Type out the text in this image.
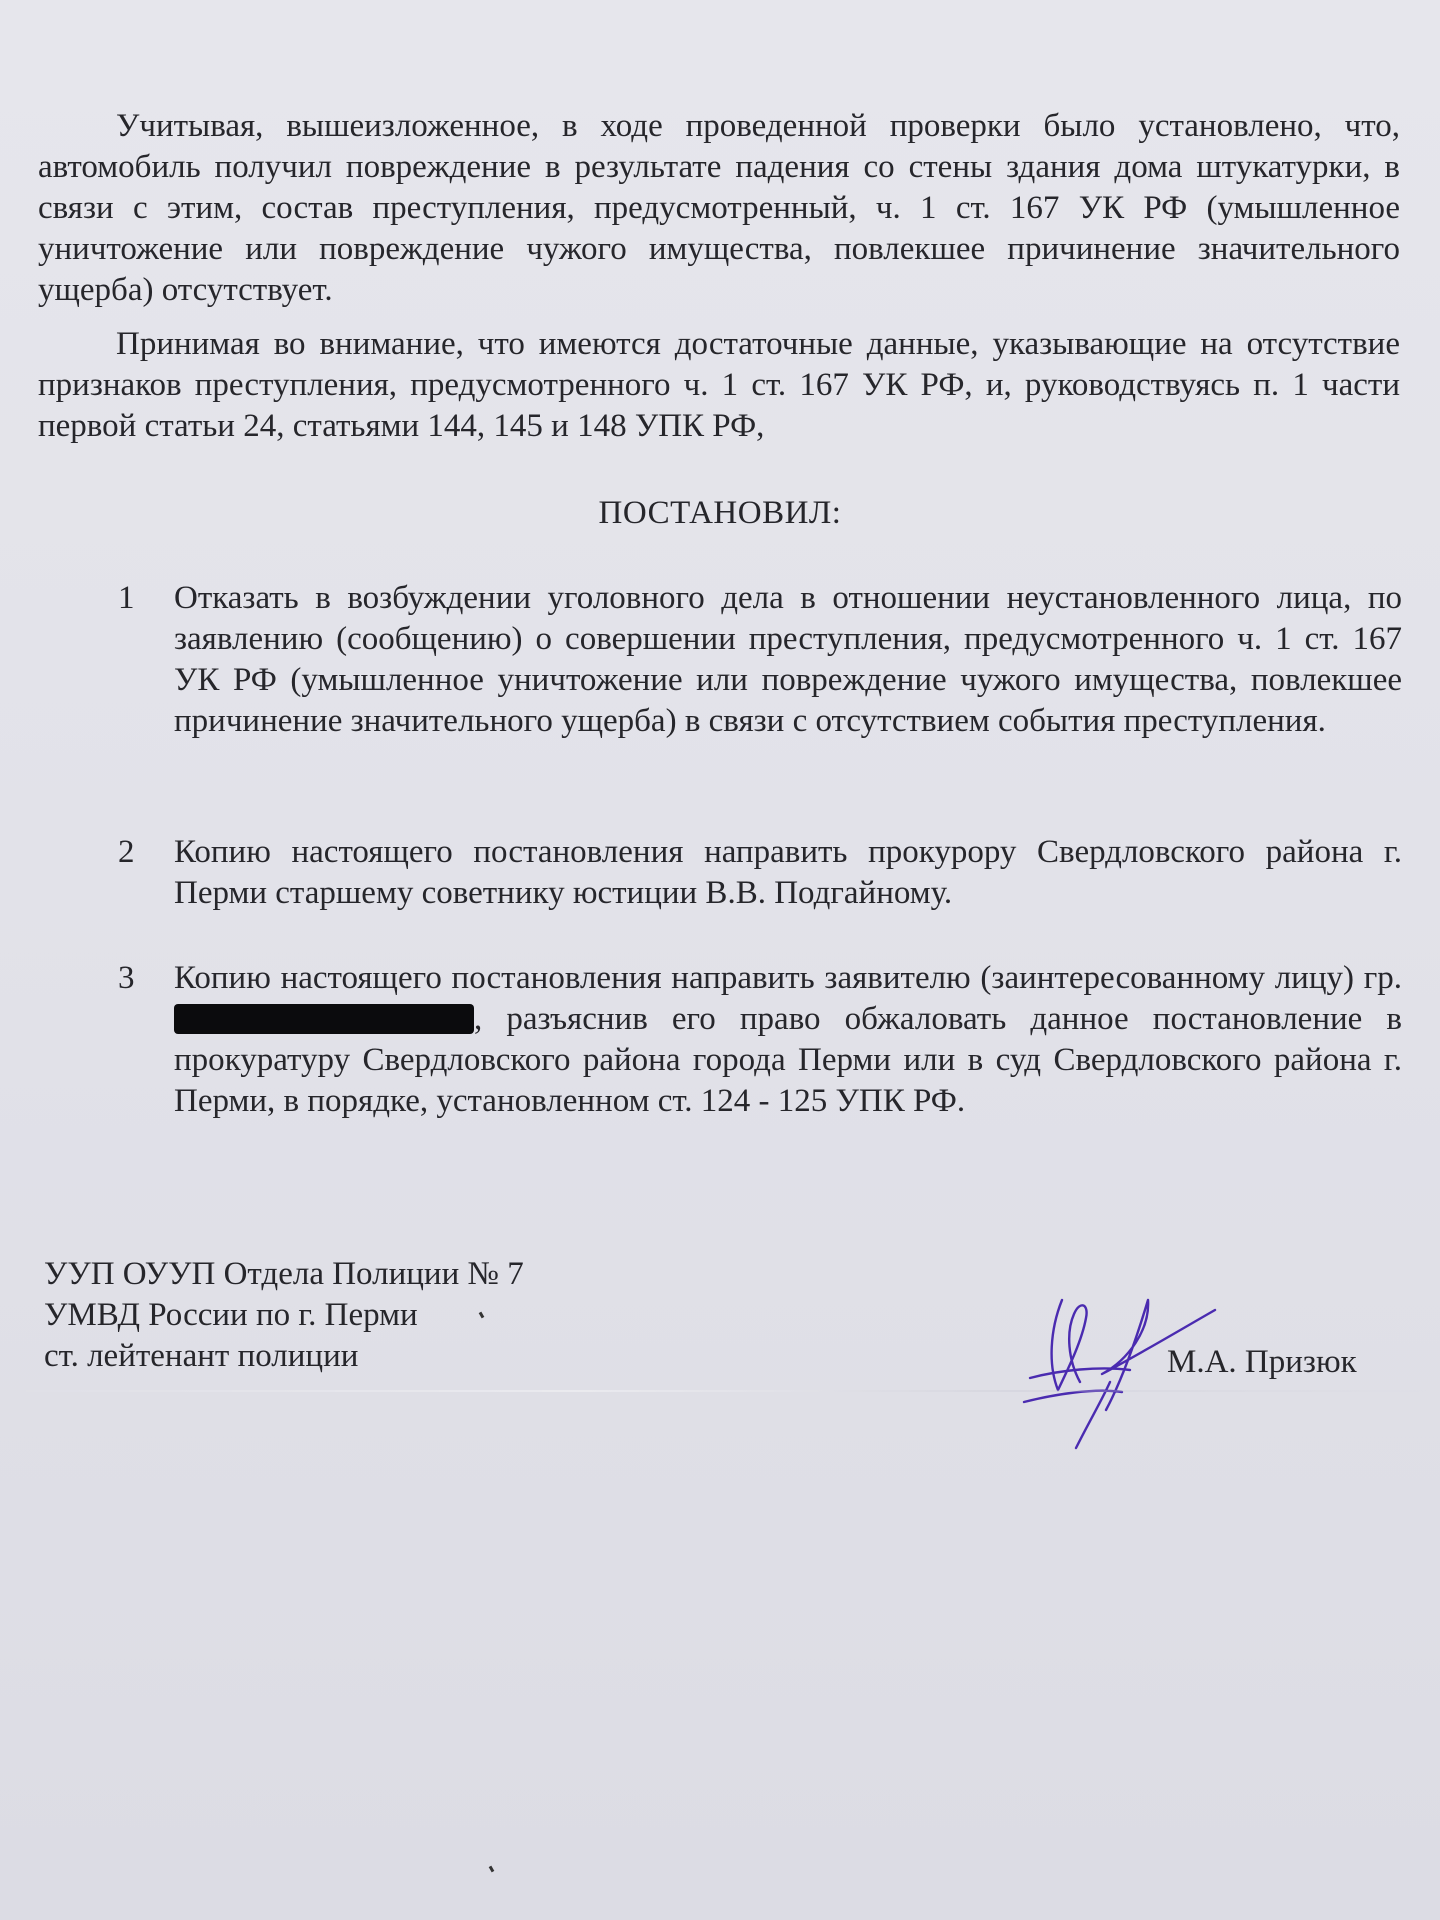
Учитывая, вышеизложенное, в ходе проведенной проверки было установлено, что, автомобиль получил повреждение в результате падения со стены здания дома штукатурки, в связи с этим, состав преступления, предусмотренный, ч. 1 ст. 167 УК РФ (умышленное уничтожение или повреждение чужого имущества, повлекшее причинение значительного ущерба) отсутствует.

Принимая во внимание, что имеются достаточные данные, указывающие на отсутствие признаков преступления, предусмотренного ч. 1 ст. 167 УК РФ, и, руководствуясь п. 1 части первой статьи 24, статьями 144, 145 и 148 УПК РФ,

ПОСТАНОВИЛ:
1	Отказать в возбуждении уголовного дела в отношении неустановленного лица, по заявлению (сообщению) о совершении преступления, предусмотренного ч. 1 ст. 167 УК РФ (умышленное уничтожение или повреждение чужого имущества, повлекшее причинение значительного ущерба) в связи с отсутствием события преступления.

2	Копию настоящего постановления направить прокурору Свердловского района г. Перми старшему советнику юстиции В.В. Подгайному.

3	Копию настоящего постановления направить заявителю (заинтересованному лицу) гр. , разъяснив его право обжаловать данное постановление в прокуратуру Свердловского района города Перми или в суд Свердловского района г. Перми, в порядке, установленном ст. 124 - 125 УПК РФ.

УУП ОУУП Отдела Полиции № 7
УМВД России по г. Перми
ст. лейтенант полиции	М.А. Призюк
